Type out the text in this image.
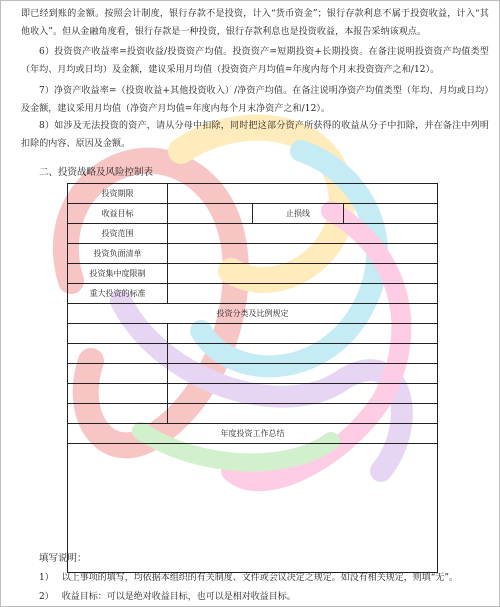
即已经到账的金额。按照会计制度，银行存款不是投资，计入“货币资金”；银行存款利息不属于投资收益，计入“其他收入”。但从金融角度看，银行存款是一种投资，银行存款利息也是投资收益，本报告采纳该观点。

6）投资资产收益率=投资收益/投资资产均值。投资资产=短期投资+长期投资。在备注说明投资资产均值类型（年均、月均或日均）及金额，建议采用月均值（投资资产月均值=年度内每个月末投资资产之和/12）。

7）净资产收益率=（投资收益+其他投资收入）/净资产均值。在备注说明净资产均值类型（年均、月均或日均）及金额，建议采用月均值（净资产月均值=年度内每个月末净资产之和/12）。

8）如涉及无法投资的资产，请从分母中扣除，同时把这部分资产所获得的收益从分子中扣除，并在备注中列明扣除的内容、原因及金额。

二、投资战略及风险控制表

投资期限			
收益目标		止损线	
投资范围			
投资负面清单			
投资集中度限制			
重大投资的标准			
投资分类及比例规定			

年度投资工作总结			

填写说明：

1） 以上事项的填写，均依据本组织的有关制度、文件或会议决定之规定。如没有相关规定，则填“无”。

2） 收益目标：可以是绝对收益目标，也可以是相对收益目标。
